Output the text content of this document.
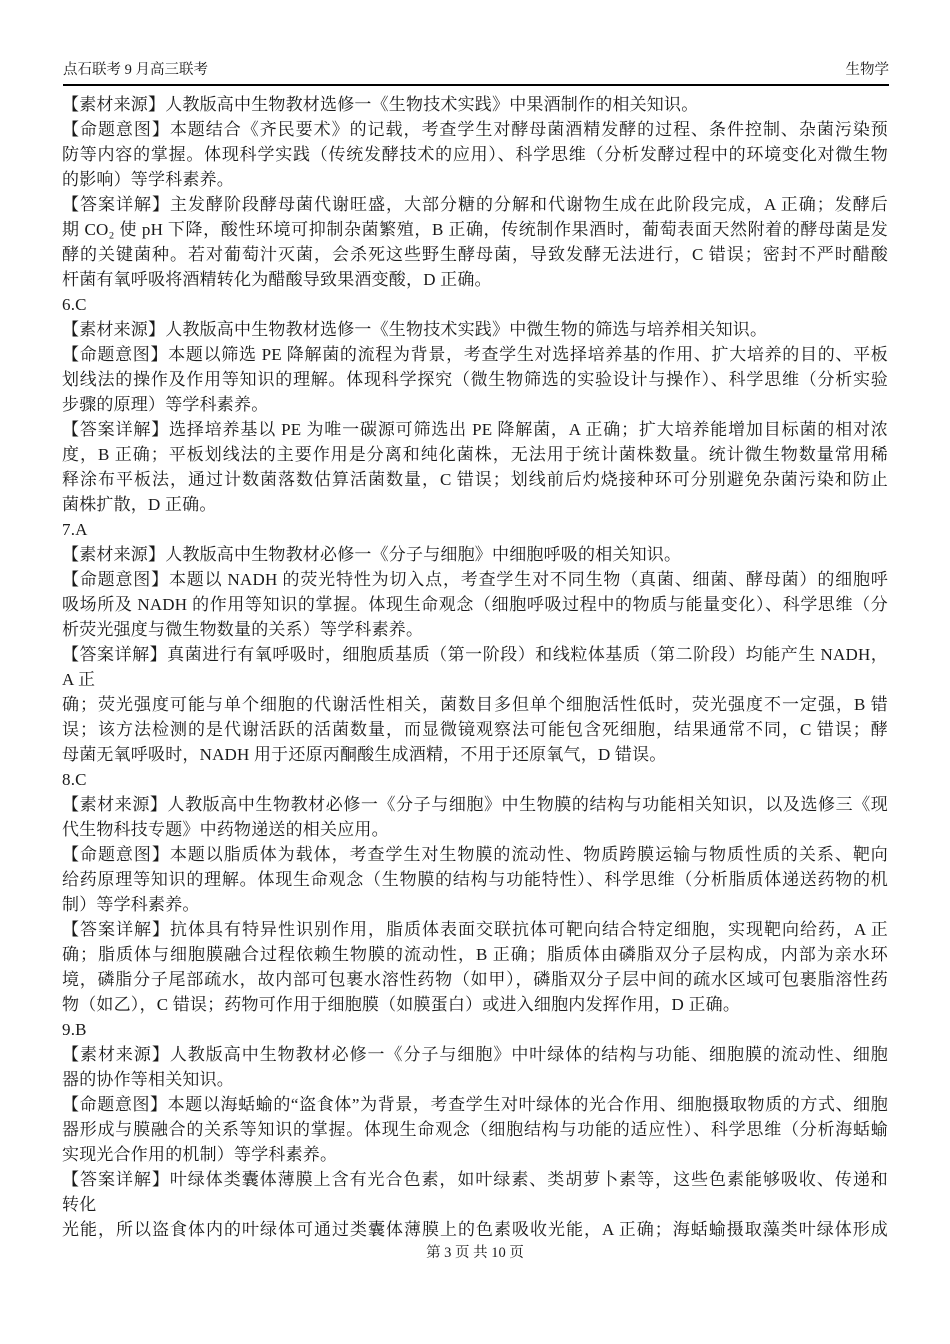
点石联考 9 月高三联考	生物学
【素材来源】人教版高中生物教材选修一《生物技术实践》中果酒制作的相关知识。
【命题意图】本题结合《齐民要术》的记载，考查学生对酵母菌酒精发酵的过程、条件控制、杂菌污染预
防等内容的掌握。体现科学实践（传统发酵技术的应用）、科学思维（分析发酵过程中的环境变化对微生物
的影响）等学科素养。
【答案详解】主发酵阶段酵母菌代谢旺盛，大部分糖的分解和代谢物生成在此阶段完成，A 正确；发酵后
期 CO₂ 使 pH 下降，酸性环境可抑制杂菌繁殖，B 正确，传统制作果酒时，葡萄表面天然附着的酵母菌是发
酵的关键菌种。若对葡萄汁灭菌，会杀死这些野生酵母菌，导致发酵无法进行，C 错误；密封不严时醋酸
杆菌有氧呼吸将酒精转化为醋酸导致果酒变酸，D 正确。
6.C
【素材来源】人教版高中生物教材选修一《生物技术实践》中微生物的筛选与培养相关知识。
【命题意图】本题以筛选 PE 降解菌的流程为背景，考查学生对选择培养基的作用、扩大培养的目的、平板
划线法的操作及作用等知识的理解。体现科学探究（微生物筛选的实验设计与操作）、科学思维（分析实验
步骤的原理）等学科素养。
【答案详解】选择培养基以 PE 为唯一碳源可筛选出 PE 降解菌，A 正确；扩大培养能增加目标菌的相对浓
度，B 正确；平板划线法的主要作用是分离和纯化菌株，无法用于统计菌株数量。统计微生物数量常用稀
释涂布平板法，通过计数菌落数估算活菌数量，C 错误；划线前后灼烧接种环可分别避免杂菌污染和防止
菌株扩散，D 正确。
7.A
【素材来源】人教版高中生物教材必修一《分子与细胞》中细胞呼吸的相关知识。
【命题意图】本题以 NADH 的荧光特性为切入点，考查学生对不同生物（真菌、细菌、酵母菌）的细胞呼
吸场所及 NADH 的作用等知识的掌握。体现生命观念（细胞呼吸过程中的物质与能量变化）、科学思维（分
析荧光强度与微生物数量的关系）等学科素养。
【答案详解】真菌进行有氧呼吸时，细胞质基质（第一阶段）和线粒体基质（第二阶段）均能产生 NADH，
A 正
确；荧光强度可能与单个细胞的代谢活性相关，菌数目多但单个细胞活性低时，荧光强度不一定强，B 错
误；该方法检测的是代谢活跃的活菌数量，而显微镜观察法可能包含死细胞，结果通常不同，C 错误；酵
母菌无氧呼吸时，NADH 用于还原丙酮酸生成酒精，不用于还原氧气，D 错误。
8.C
【素材来源】人教版高中生物教材必修一《分子与细胞》中生物膜的结构与功能相关知识，以及选修三《现
代生物科技专题》中药物递送的相关应用。
【命题意图】本题以脂质体为载体，考查学生对生物膜的流动性、物质跨膜运输与物质性质的关系、靶向
给药原理等知识的理解。体现生命观念（生物膜的结构与功能特性）、科学思维（分析脂质体递送药物的机
制）等学科素养。
【答案详解】抗体具有特异性识别作用，脂质体表面交联抗体可靶向结合特定细胞，实现靶向给药，A 正
确；脂质体与细胞膜融合过程依赖生物膜的流动性，B 正确；脂质体由磷脂双分子层构成，内部为亲水环
境，磷脂分子尾部疏水，故内部可包裹水溶性药物（如甲），磷脂双分子层中间的疏水区域可包裹脂溶性药
物（如乙），C 错误；药物可作用于细胞膜（如膜蛋白）或进入细胞内发挥作用，D 正确。
9.B
【素材来源】人教版高中生物教材必修一《分子与细胞》中叶绿体的结构与功能、细胞膜的流动性、细胞
器的协作等相关知识。
【命题意图】本题以海蛞蝓的“盗食体”为背景，考查学生对叶绿体的光合作用、细胞摄取物质的方式、细胞
器形成与膜融合的关系等知识的掌握。体现生命观念（细胞结构与功能的适应性）、科学思维（分析海蛞蝓
实现光合作用的机制）等学科素养。
【答案详解】叶绿体类囊体薄膜上含有光合色素，如叶绿素、类胡萝卜素等，这些色素能够吸收、传递和
转化
光能，所以盗食体内的叶绿体可通过类囊体薄膜上的色素吸收光能，A 正确；海蛞蝓摄取藻类叶绿体形成
第 3 页 共 10 页
